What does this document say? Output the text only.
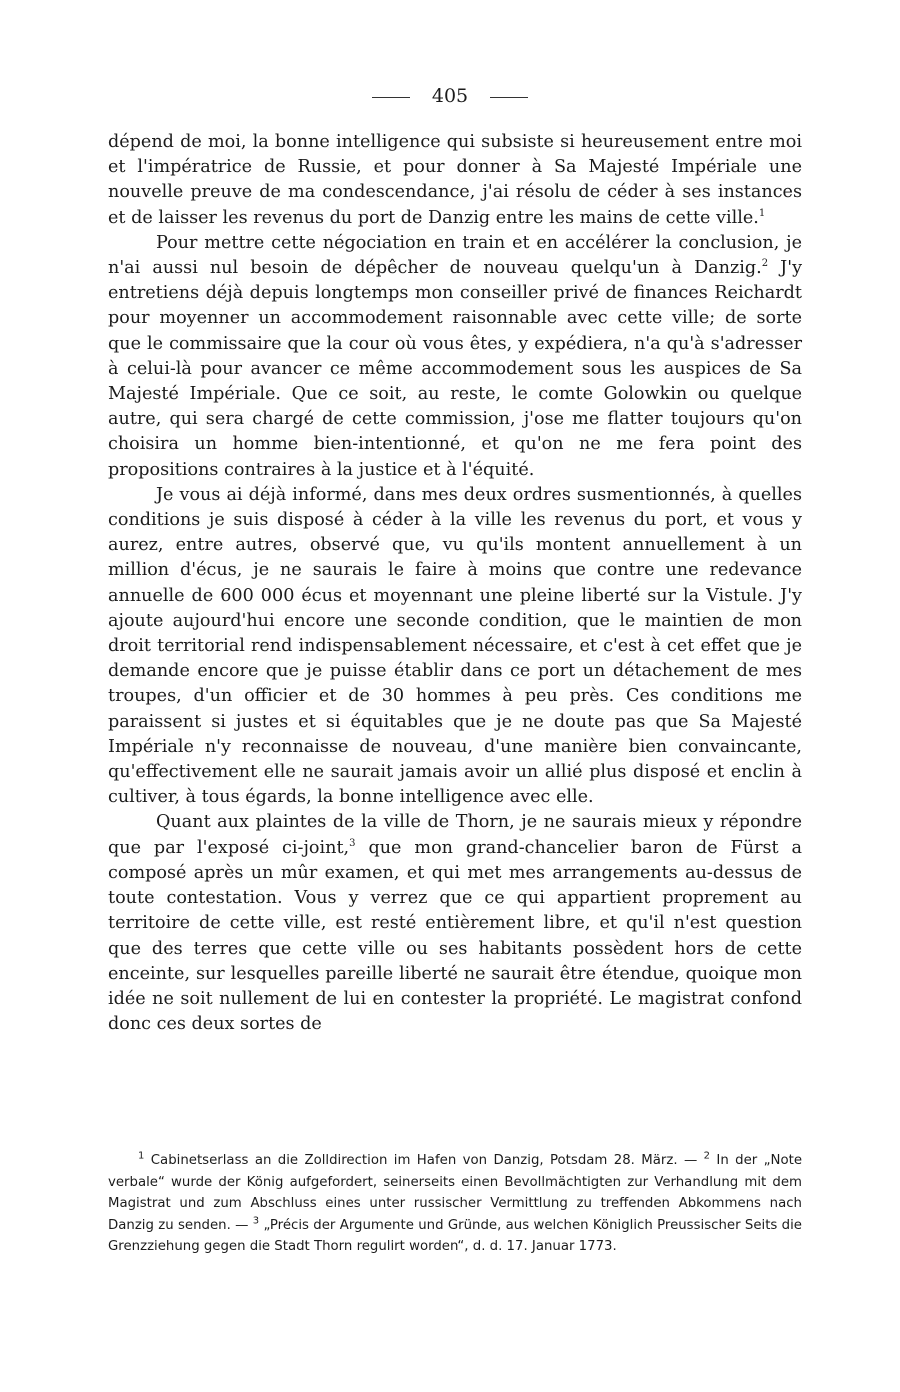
405

dépend de moi, la bonne intelligence qui subsiste si heureusement entre moi et l'impératrice de Russie, et pour donner à Sa Majesté Impériale une nouvelle preuve de ma condescendance, j'ai résolu de céder à ses instances et de laisser les revenus du port de Danzig entre les mains de cette ville.$^1$

Pour mettre cette négociation en train et en accélérer la conclusion, je n'ai aussi nul besoin de dépêcher de nouveau quelqu'un à Danzig.$^2$ J'y entretiens déjà depuis longtemps mon conseiller privé de finances Reichardt pour moyenner un accommodement raisonnable avec cette ville; de sorte que le commissaire que la cour où vous êtes, y expédiera, n'a qu'à s'adresser à celui-là pour avancer ce même accommodement sous les auspices de Sa Majesté Impériale. Que ce soit, au reste, le comte Golowkin ou quelque autre, qui sera chargé de cette commission, j'ose me flatter toujours qu'on choisira un homme bien-intentionné, et qu'on ne me fera point des propositions contraires à la justice et à l'équité.

Je vous ai déjà informé, dans mes deux ordres susmentionnés, à quelles conditions je suis disposé à céder à la ville les revenus du port, et vous y aurez, entre autres, observé que, vu qu'ils montent annuellement à un million d'écus, je ne saurais le faire à moins que contre une redevance annuelle de 600 000 écus et moyennant une pleine liberté sur la Vistule. J'y ajoute aujourd'hui encore une seconde condition, que le maintien de mon droit territorial rend indispensablement nécessaire, et c'est à cet effet que je demande encore que je puisse établir dans ce port un détachement de mes troupes, d'un officier et de 30 hommes à peu près. Ces conditions me paraissent si justes et si équitables que je ne doute pas que Sa Majesté Impériale n'y reconnaisse de nouveau, d'une manière bien convaincante, qu'effectivement elle ne saurait jamais avoir un allié plus disposé et enclin à cultiver, à tous égards, la bonne intelligence avec elle.

Quant aux plaintes de la ville de Thorn, je ne saurais mieux y répondre que par l'exposé ci-joint,$^3$ que mon grand-chancelier baron de Fürst a composé après un mûr examen, et qui met mes arrangements au-dessus de toute contestation. Vous y verrez que ce qui appartient proprement au territoire de cette ville, est resté entièrement libre, et qu'il n'est question que des terres que cette ville ou ses habitants possèdent hors de cette enceinte, sur lesquelles pareille liberté ne saurait être étendue, quoique mon idée ne soit nullement de lui en contester la propriété. Le magistrat confond donc ces deux sortes de

$^1$ Cabinetserlass an die Zolldirection im Hafen von Danzig, Potsdam 28. März. — $^2$ In der „Note verbale“ wurde der König aufgefordert, seinerseits einen Bevollmächtigten zur Verhandlung mit dem Magistrat und zum Abschluss eines unter russischer Vermittlung zu treffenden Abkommens nach Danzig zu senden. — $^3$ „Précis der Argumente und Gründe, aus welchen Königlich Preussischer Seits die Grenzziehung gegen die Stadt Thorn regulirt worden“, d. d. 17. Januar 1773.
